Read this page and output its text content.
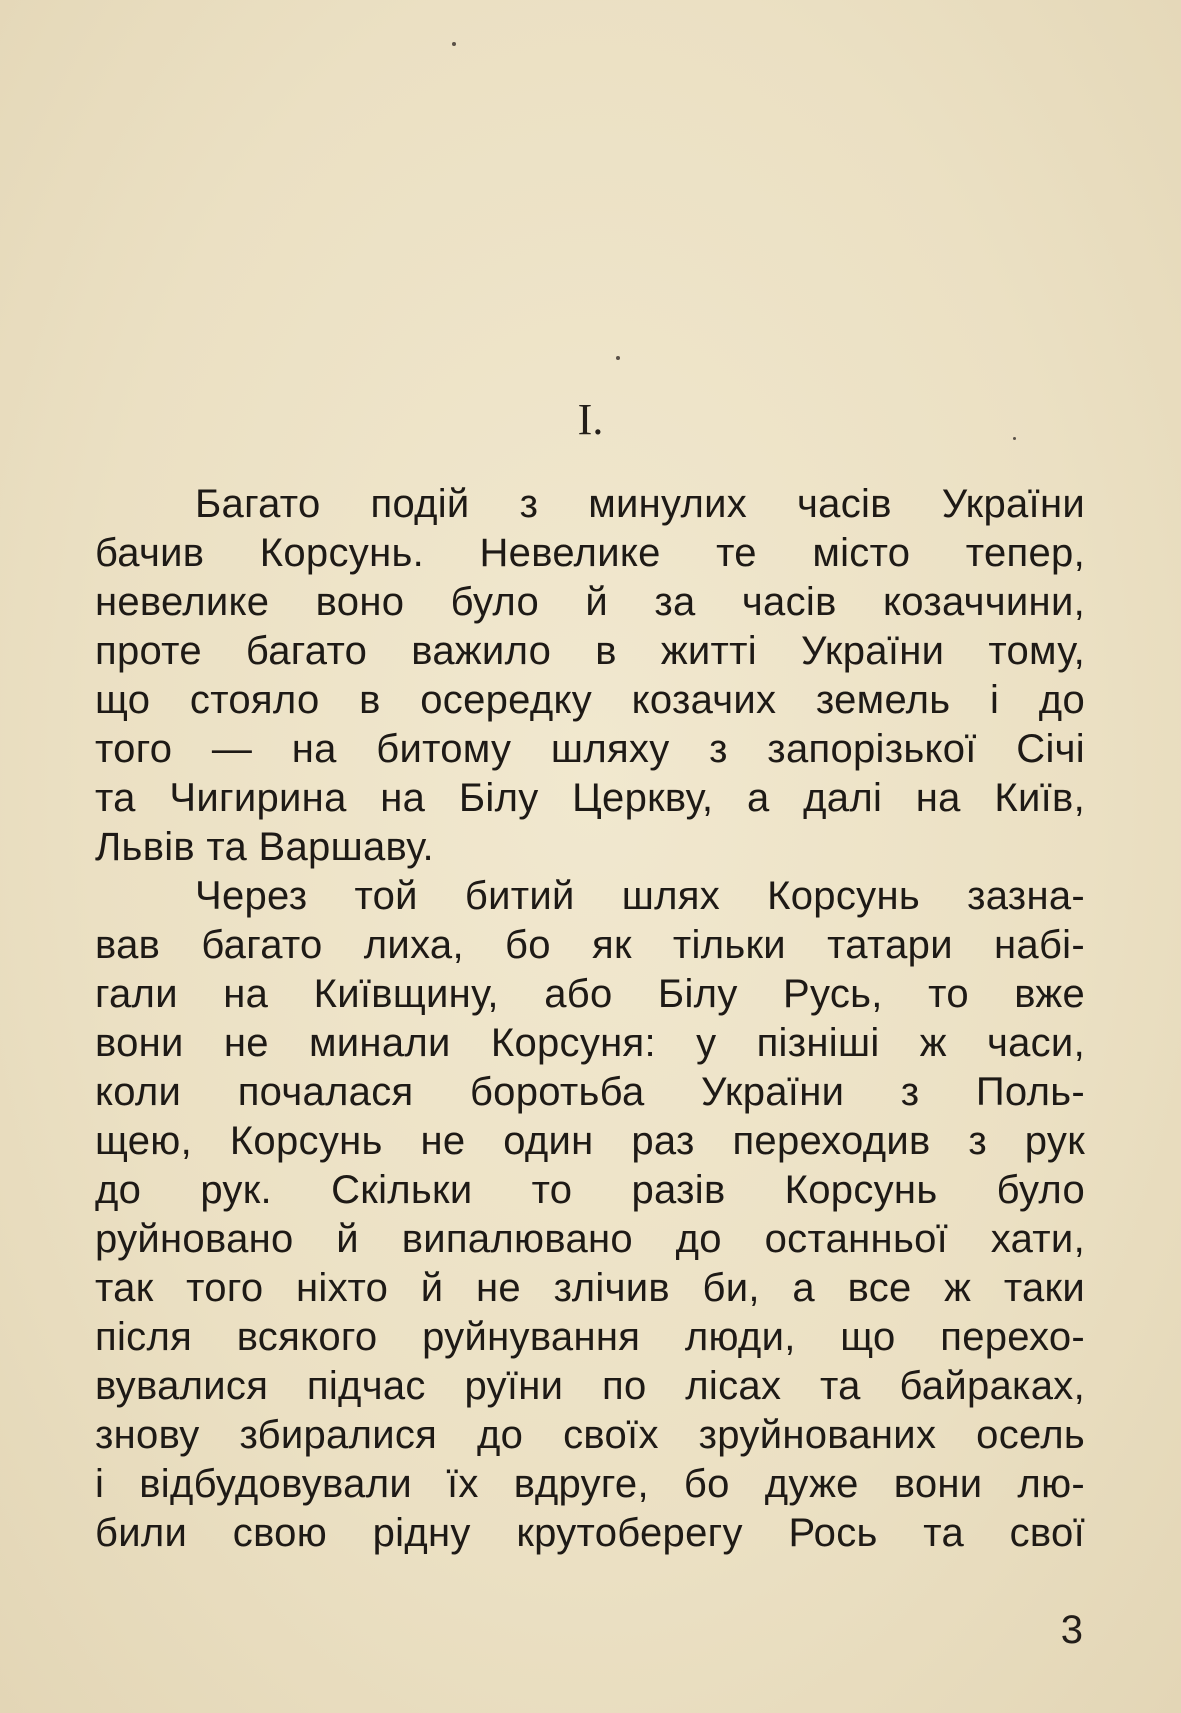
I.
Багато подій з минулих часів України
бачив Корсунь. Невелике те місто тепер,
невелике воно було й за часів козаччини,
проте багато важило в житті України тому,
що стояло в осередку козачих земель і до
того — на битому шляху з запорізької Січі
та Чигирина на Білу Церкву, а далі на Київ,
Львів та Варшаву.
Через той битий шлях Корсунь зазна-
вав багато лиха, бо як тільки татари набі-
гали на Київщину, або Білу Русь, то вже
вони не минали Корсуня: у пізніші ж часи,
коли почалася боротьба України з Поль-
щею, Корсунь не один раз переходив з рук
до рук. Скільки то разів Корсунь було
руйновано й випалювано до останньої хати,
так того ніхто й не злічив би, а все ж таки
після всякого руйнування люди, що перехо-
вувалися підчас руїни по лісах та байраках,
знову збиралися до своїх зруйнованих осель
і відбудовували їх вдруге, бо дуже вони лю-
били свою рідну крутоберегу Рось та свої
3
